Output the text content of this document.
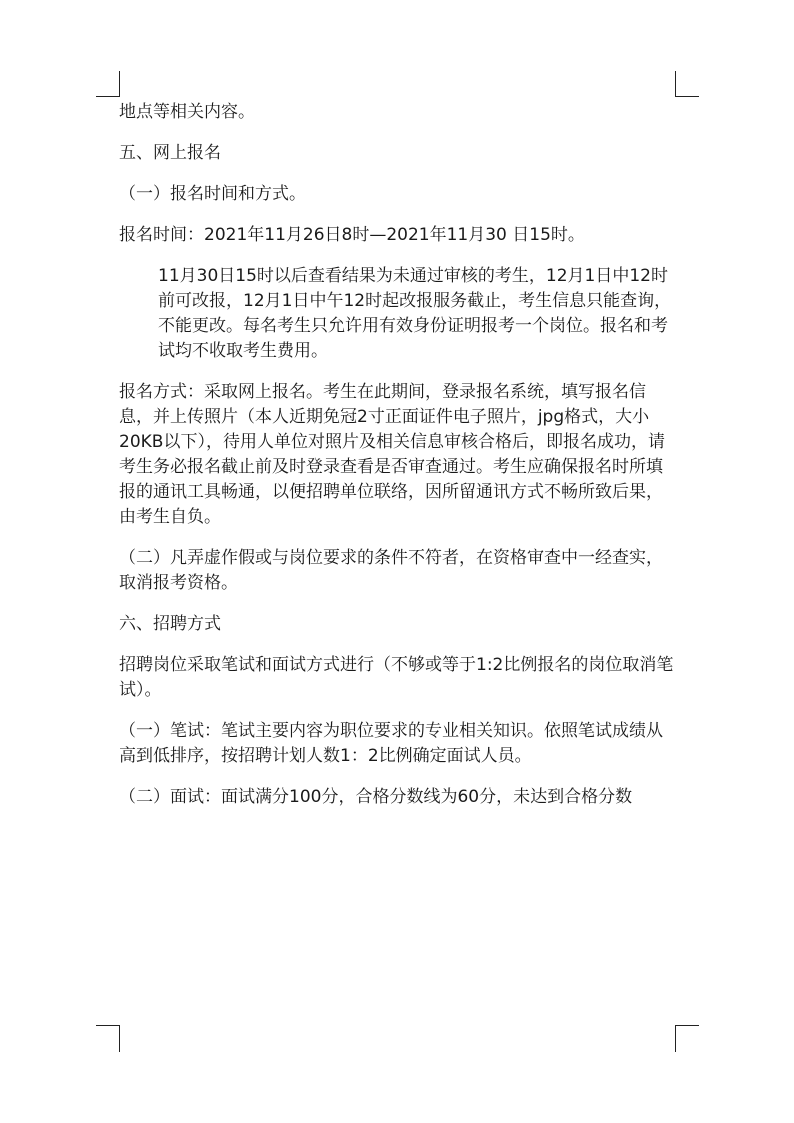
地点等相关内容。

五、网上报名

（一）报名时间和方式。

报名时间：2021年11月26日8时—2021年11月30 日15时。

11月30日15时以后查看结果为未通过审核的考生，12月1日中12时前可改报，12月1日中午12时起改报服务截止，考生信息只能查询，不能更改。每名考生只允许用有效身份证明报考一个岗位。报名和考试均不收取考生费用。

报名方式：采取网上报名。考生在此期间，登录报名系统，填写报名信息，并上传照片（本人近期免冠2寸正面证件电子照片，jpg格式，大小20KB以下），待用人单位对照片及相关信息审核合格后，即报名成功，请考生务必报名截止前及时登录查看是否审查通过。考生应确保报名时所填报的通讯工具畅通，以便招聘单位联络，因所留通讯方式不畅所致后果，由考生自负。

（二）凡弄虚作假或与岗位要求的条件不符者，在资格审查中一经查实，取消报考资格。

六、招聘方式

招聘岗位采取笔试和面试方式进行（不够或等于1:2比例报名的岗位取消笔试）。

（一）笔试：笔试主要内容为职位要求的专业相关知识。依照笔试成绩从高到低排序，按招聘计划人数1：2比例确定面试人员。

（二）面试：面试满分100分，合格分数线为60分，未达到合格分数
